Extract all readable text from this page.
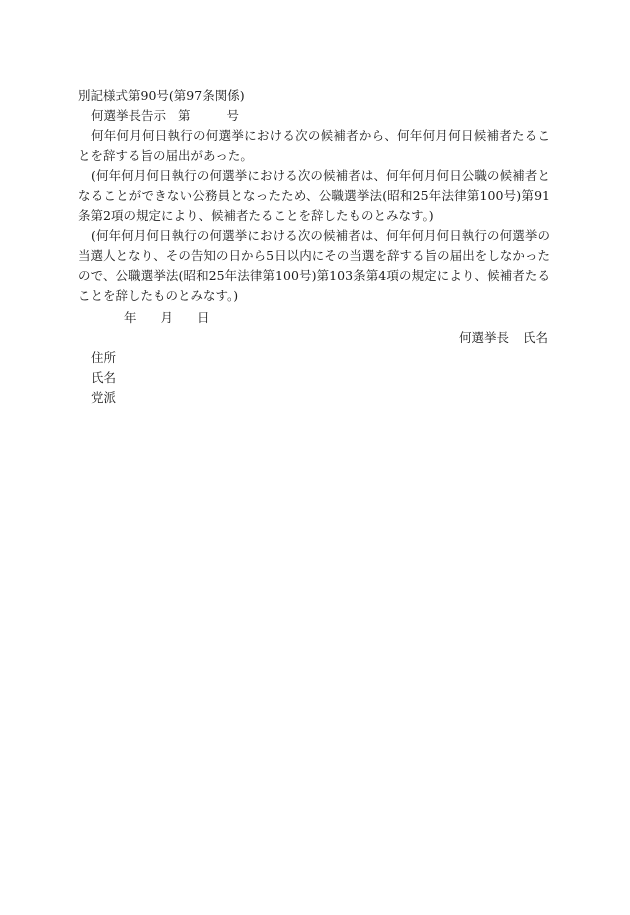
別記様式第90号(第97条関係)
何選挙長告示 第	号
何年何月何日執行の何選挙における次の候補者から、何年何月何日候補者たることを辞する旨の届出があった。
(何年何月何日執行の何選挙における次の候補者は、何年何月何日公職の候補者となることができない公務員となったため、公職選挙法(昭和25年法律第100号)第91条第2項の規定により、候補者たることを辞したものとみなす。)
(何年何月何日執行の何選挙における次の候補者は、何年何月何日執行の何選挙の当選人となり、その告知の日から5日以内にその当選を辞する旨の届出をしなかったので、公職選挙法(昭和25年法律第100号)第103条第4項の規定により、候補者たることを辞したものとみなす。)
年 月 日
何選挙長 氏名
住所
氏名
党派
